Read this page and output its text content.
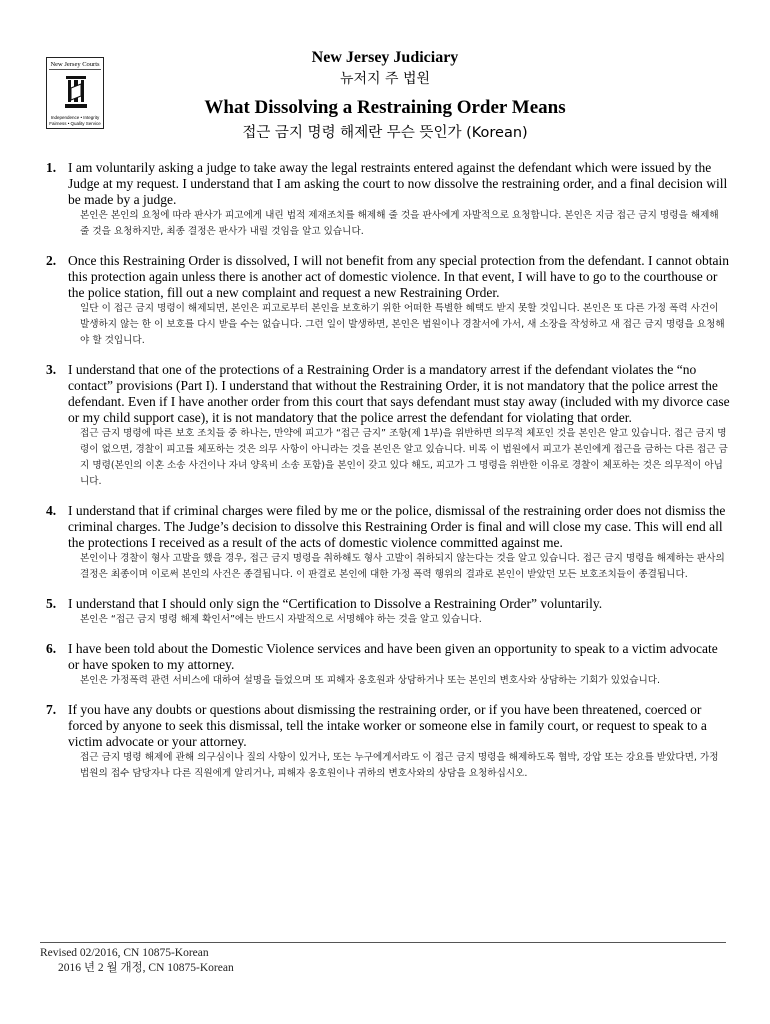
New Jersey Courts
Independence • Integrity Fairness • Quality Service
New Jersey Judiciary
뉴저지 주 법원
What Dissolving a Restraining Order Means
접근 금지 명령 해제란 무슨 뜻인가 (Korean)
1. I am voluntarily asking a judge to take away the legal restraints entered against the defendant which were issued by the Judge at my request. I understand that I am asking the court to now dissolve the restraining order, and a final decision will be made by a judge.
본인은 본인의 요청에 따라 판사가 피고에게 내린 법적 제재조치를 해제해 줄 것을 판사에게 자발적으로 요청합니다. 본인은 지금 접근 금지 명령을 해제해 줄 것을 요청하지만, 최종 결정은 판사가 내릴 것임을 알고 있습니다.
2. Once this Restraining Order is dissolved, I will not benefit from any special protection from the defendant. I cannot obtain this protection again unless there is another act of domestic violence. In that event, I will have to go to the courthouse or the police station, fill out a new complaint and request a new Restraining Order.
일단 이 접근 금지 명령이 해제되면, 본인은 피고로부터 본인을 보호하기 위한 어떠한 특별한 혜택도 받지 못할 것입니다. 본인은 또 다른 가정 폭력 사건이 발생하지 않는 한 이 보호를 다시 받을 수는 없습니다. 그런 일이 발생하면, 본인은 법원이나 경찰서에 가서, 새 소장을 작성하고 새 접근 금지 명령을 요청해야 할 것입니다.
3. I understand that one of the protections of a Restraining Order is a mandatory arrest if the defendant violates the “no contact” provisions (Part I). I understand that without the Restraining Order, it is not mandatory that the police arrest the defendant. Even if I have another order from this court that says defendant must stay away (included with my divorce case or my child support case), it is not mandatory that the police arrest the defendant for violating that order.
접근 금지 명령에 따른 보호 조치들 중 하나는, 만약에 피고가 “접근 금지” 조항(제 1부)을 위반하면 의무적 체포인 것을 본인은 알고 있습니다. 접근 금지 명령이 없으면, 경찰이 피고를 체포하는 것은 의무 사항이 아니라는 것을 본인은 알고 있습니다. 비록 이 법원에서 피고가 본인에게 접근을 금하는 다른 접근 금지 명령(본인의 이혼 소송 사건이나 자녀 양육비 소송 포함)을 본인이 갖고 있다 해도, 피고가 그 명령을 위반한 이유로 경찰이 체포하는 것은 의무적이 아닙니다.
4. I understand that if criminal charges were filed by me or the police, dismissal of the restraining order does not dismiss the criminal charges. The Judge’s decision to dissolve this Restraining Order is final and will close my case. This will end all the protections I received as a result of the acts of domestic violence committed against me.
본인이나 경찰이 형사 고발을 했을 경우, 접근 금지 명령을 취하해도 형사 고발이 취하되지 않는다는 것을 알고 있습니다. 접근 금지 명령을 해제하는 판사의 결정은 최종이며 이로써 본인의 사건은 종결됩니다. 이 판결로 본인에 대한 가정 폭력 행위의 결과로 본인이 받았던 모든 보호조치들이 종결됩니다.
5. I understand that I should only sign the “Certification to Dissolve a Restraining Order” voluntarily.
본인은 “접근 금지 명령 해제 확인서”에는 반드시 자발적으로 서명해야 하는 것을 알고 있습니다.
6. I have been told about the Domestic Violence services and have been given an opportunity to speak to a victim advocate or have spoken to my attorney.
본인은 가정폭력 관련 서비스에 대하여 설명을 들었으며 또 피해자 옹호원과 상담하거나 또는 본인의 변호사와 상담하는 기회가 있었습니다.
7. If you have any doubts or questions about dismissing the restraining order, or if you have been threatened, coerced or forced by anyone to seek this dismissal, tell the intake worker or someone else in family court, or request to speak to a victim advocate or your attorney.
접근 금지 명령 해제에 관해 의구심이나 질의 사항이 있거나, 또는 누구에게서라도 이 접근 금지 명령을 해제하도록 협박, 강압 또는 강요를 받았다면, 가정 법원의 접수 담당자나 다른 직원에게 알리거나, 피해자 옹호원이나 귀하의 변호사와의 상담을 요청하십시오.
Revised 02/2016, CN 10875-Korean
2016 년 2 월 개정, CN 10875-Korean
